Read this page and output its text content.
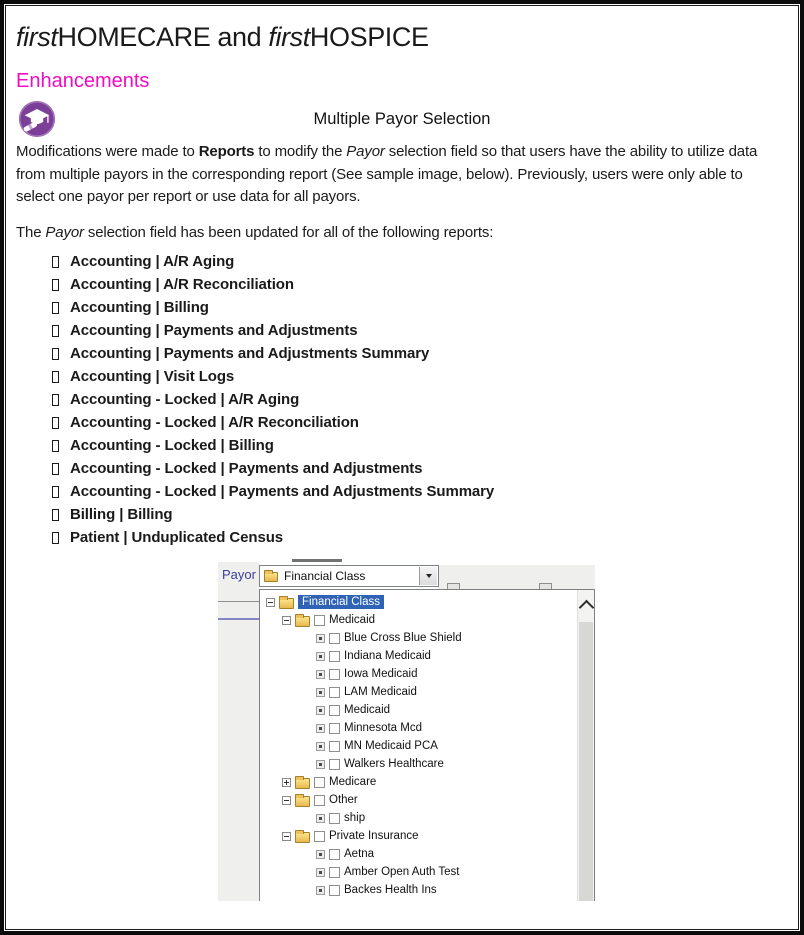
firstHOMECARE and firstHOSPICE
Enhancements
Multiple Payor Selection

Modifications were made to Reports to modify the Payor selection field so that users have the ability to utilize data from multiple payors in the corresponding report (See sample image, below). Previously, users were only able to select one payor per report or use data for all payors.

The Payor selection field has been updated for all of the following reports:

Accounting | A/R Aging
Accounting | A/R Reconciliation
Accounting | Billing
Accounting | Payments and Adjustments
Accounting | Payments and Adjustments Summary
Accounting | Visit Logs
Accounting - Locked | A/R Aging
Accounting - Locked | A/R Reconciliation
Accounting - Locked | Billing
Accounting - Locked | Payments and Adjustments
Accounting - Locked | Payments and Adjustments Summary
Billing | Billing
Patient | Unduplicated Census
Payor Financial Class
Financial Class
Medicaid
Blue Cross Blue Shield
Indiana Medicaid
Iowa Medicaid
LAM Medicaid
Medicaid
Minnesota Mcd
MN Medicaid PCA
Walkers Healthcare
Medicare
Other
ship
Private Insurance
Aetna
Amber Open Auth Test
Backes Health Ins
